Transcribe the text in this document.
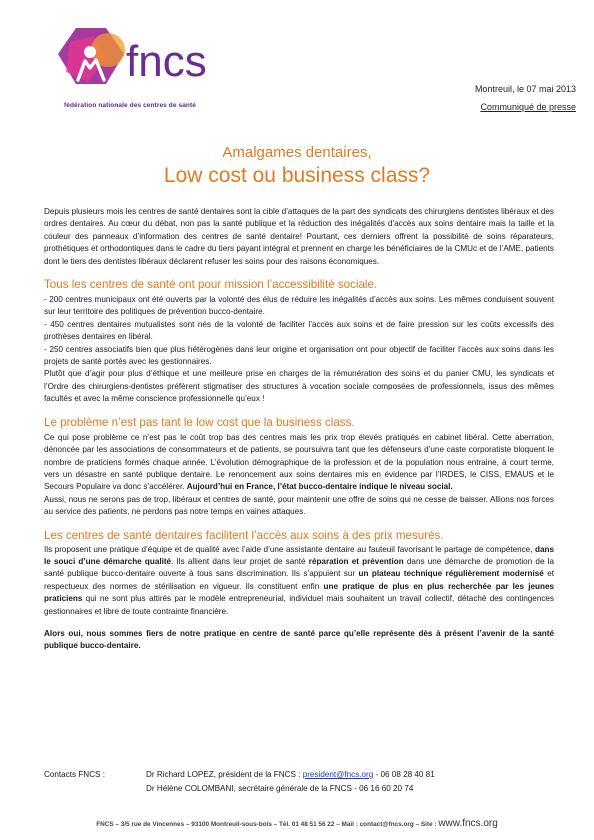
fncs
fédération nationale des centres de santé
Montreuil, le 07 mai 2013
Communiqué de presse
Amalgames dentaires,
Low cost ou business class?

Depuis plusieurs mois les centres de santé dentaires sont la cible d’attaques de la part des syndicats des chirurgiens dentistes libéraux et des ordres dentaires. Au cœur du débat, non pas la santé publique et la réduction des inégalités d’accès aux soins dentaire mais la taille et la couleur des panneaux d’information des centres de santé dentaire! Pourtant, ces derniers offrent la possibilité de soins réparateurs, prothétiques et orthodontiques dans le cadre du tiers payant intégral et prennent en charge les bénéficiaires de la CMUc et de l’AME, patients dont le tiers des dentistes libéraux déclarent refuser les soins pour des raisons économiques.

Tous les centres de santé ont pour mission l’accessibilité sociale.

- 200 centres municipaux ont été ouverts par la volonté des élus de réduire les inégalités d’accès aux soins. Les mêmes conduisent souvent sur leur territoire des politiques de prévention bucco-dentaire.

- 450 centres dentaires mutualistes sont nés de la volonté de faciliter l’accès aux soins et de faire pression sur les coûts excessifs des prothèses dentaires en libéral.

- 250 centres associatifs bien que plus hétérogènes dans leur origine et organisation ont pour objectif de faciliter l’accès aux soins dans les projets de santé portés avec les gestionnaires.

Plutôt que d’agir pour plus d’éthique et une meilleure prise en charges de la rémunération des soins et du panier CMU, les syndicats et l’Ordre des chirurgiens-dentistes préfèrent stigmatiser des structures à vocation sociale composées de professionnels, issus des mêmes facultés et avec la même conscience professionnelle qu’eux !

Le problème n’est pas tant le low cost que la business class.

Ce qui pose problème ce n’est pas le coût trop bas des centres mais les prix trop élevés pratiqués en cabinet libéral. Cette aberration, dénoncée par les associations de consommateurs et de patients, se poursuivra tant que les défenseurs d’une caste corporatiste bloquent le nombre de praticiens formés chaque année. L’évolution démographique de la profession et de la population nous entraine, à court terme, vers un désastre en santé publique dentaire. Le renoncement aux soins dentaires mis en évidence par l’IRDES, le CISS, EMAUS et le Secours Populaire va donc s’accélérer. Aujourd’hui en France, l’état bucco-dentaire indique le niveau social.

Aussi, nous ne serons pas de trop, libéraux et centres de santé, pour maintenir une offre de soins qui ne cesse de baisser. Allions nos forces au service des patients, ne perdons pas notre temps en vaines attaques.

Les centres de santé dentaires facilitent l’accès aux soins à des prix mesurés.

Ils proposent une pratique d’équipe et de qualité avec l’aide d’une assistante dentaire au fauteuil favorisant le partage de compétence, dans le souci d’une démarche qualité. Ils allient dans leur projet de santé réparation et prévention dans une démarche de promotion de la santé publique bucco-dentaire ouverte à tous sans discrimination. Ils s’appuient sur un plateau technique régulièrement modernisé et respectueux des normes de stérilisation en vigueur. Ils constituent enfin une pratique de plus en plus recherchée par les jeunes praticiens qui ne sont plus attirés par le modèle entrepreneurial, individuel mais souhaitent un travail collectif, détaché des contingences gestionnaires et libre de toute contrainte financière.

Alors oui, nous sommes fiers de notre pratique en centre de santé parce qu’elle représente dès à présent l’avenir de la santé publique bucco-dentaire.

Contacts FNCS :	Dr Richard LOPEZ, président de la FNCS : president@fncs.org - 06 08 28 40 81
Dr Hélène COLOMBANI, secrétaire générale de la FNCS - 06 16 60 20 74
FNCS – 3/5 rue de Vincennes – 93100 Montreuil-sous-bois – Tél. 01 48 51 56 22 – Mail : contact@fncs.org – Site : www.fncs.org
